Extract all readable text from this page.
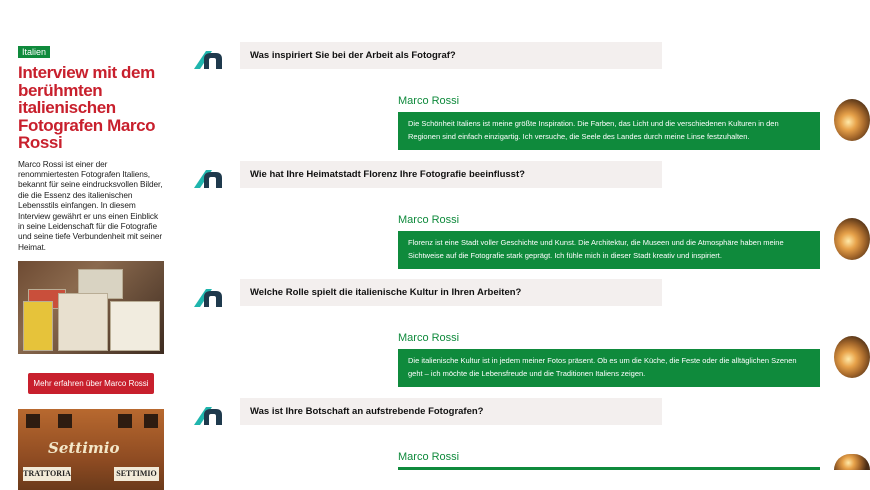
Italien
Interview mit dem berühmten italienischen Fotografen Marco Rossi

Marco Rossi ist einer der renommiertesten Fotografen Italiens, bekannt für seine eindrucksvollen Bilder, die die Essenz des italienischen Lebensstils einfangen. In diesem Interview gewährt er uns einen Einblick in seine Leidenschaft für die Fotografie und seine tiefe Verbundenheit mit seiner Heimat.

Mehr erfahren über Marco Rossi
Settimio
TRATTORIA	SETTIMIO
Was inspiriert Sie bei der Arbeit als Fotograf?
Marco Rossi
Die Schönheit Italiens ist meine größte Inspiration. Die Farben, das Licht und die verschiedenen Kulturen in den Regionen sind einfach einzigartig. Ich versuche, die Seele des Landes durch meine Linse festzuhalten.
Wie hat Ihre Heimatstadt Florenz Ihre Fotografie beeinflusst?
Marco Rossi
Florenz ist eine Stadt voller Geschichte und Kunst. Die Architektur, die Museen und die Atmosphäre haben meine Sichtweise auf die Fotografie stark geprägt. Ich fühle mich in dieser Stadt kreativ und inspiriert.
Welche Rolle spielt die italienische Kultur in Ihren Arbeiten?
Marco Rossi
Die italienische Kultur ist in jedem meiner Fotos präsent. Ob es um die Küche, die Feste oder die alltäglichen Szenen geht – ich möchte die Lebensfreude und die Traditionen Italiens zeigen.
Was ist Ihre Botschaft an aufstrebende Fotografen?
Marco Rossi
